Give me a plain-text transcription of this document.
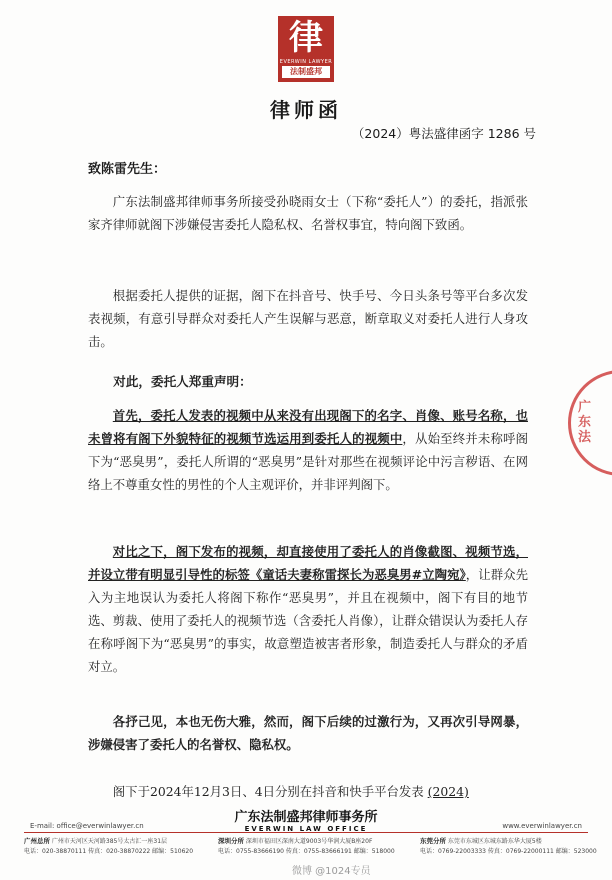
律
EVERWIN LAWYER
法制盛邦
律师函
（2024）粤法盛律函字 1286 号
致陈雷先生：
广东法制盛邦律师事务所接受孙晓雨女士（下称“委托人”）的委托，指派张家齐律师就阁下涉嫌侵害委托人隐私权、名誉权事宜，特向阁下致函。
根据委托人提供的证据，阁下在抖音号、快手号、今日头条号等平台多次发表视频，有意引导群众对委托人产生误解与恶意，断章取义对委托人进行人身攻击。
对此，委托人郑重声明：
首先，委托人发表的视频中从来没有出现阁下的名字、肖像、账号名称，也未曾将有阁下外貌特征的视频节选运用到委托人的视频中，从始至终并未称呼阁下为“恶臭男”，委托人所谓的“恶臭男”是针对那些在视频评论中污言秽语、在网络上不尊重女性的男性的个人主观评价，并非评判阁下。
对比之下，阁下发布的视频，却直接使用了委托人的肖像截图、视频节选，并设立带有明显引导性的标签《童话夫妻称雷探长为恶臭男#立陶宛》，让群众先入为主地误认为委托人将阁下称作“恶臭男”，并且在视频中，阁下有目的地节选、剪裁、使用了委托人的视频节选（含委托人肖像），让群众错误认为委托人存在称呼阁下为“恶臭男”的事实，故意塑造被害者形象，制造委托人与群众的矛盾对立。
各抒己见，本也无伤大雅，然而，阁下后续的过激行为，又再次引导网暴，涉嫌侵害了委托人的名誉权、隐私权。
阁下于2024年12月3日、4日分别在抖音和快手平台发表 (2024)
广东法制盛邦律师事务所
EVERWIN LAW OFFICE
E-mail: office@everwinlawyer.cn	www.everwinlawyer.cn
广州总所 广州市天河区天河路385号太古汇一座31层
电话：020-38870111 传真：020-38870222 邮编：510620
深圳分所 深圳市福田区深南大道9003号华润大厦B座20F
电话：0755-83666190 传真：0755-83666191 邮编：518000
东莞分所 东莞市东城区东城东路东华大厦5楼
电话：0769-22003333 传真：0769-22000111 邮编：523000
广东法
微博 @1024专员
